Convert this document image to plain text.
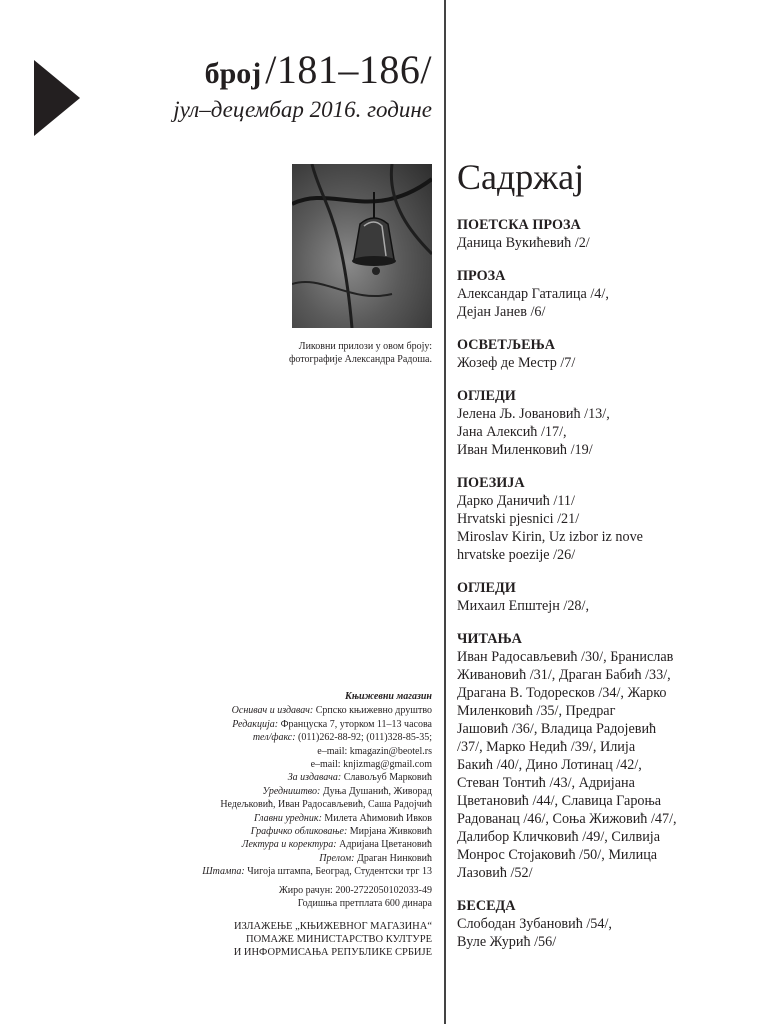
број /181–186/
јул–децембар 2016. године
Ликовни прилози у овом броју:
фотографије Александра Радоша.
Књижевни магазин
Оснивач и издавач: Српско књижевно друштво
Редакција: Француска 7, уторком 11–13 часова
тел/факс: (011)262-88-92; (011)328-85-35;
e–mail: kmagazin@beotel.rs
e–mail: knjizmag@gmail.com
За издавача: Славољуб Марковић
Уредништво: Дуња Душанић, Живорад
Недељковић, Иван Радосављевић, Саша Радојчић
Главни уредник: Милета Аћимовић Ивков
Графичко обликовање: Мирјана Живковић
Лектура и коректура: Адријана Цветановић
Прелом: Драган Нинковић
Штампа: Чигоја штампа, Београд, Студентски трг 13
Жиро рачун: 200-2722050102033-49
Годишња претплата 600 динара
ИЗЛАЖЕЊЕ „КЊИЖЕВНОГ МАГАЗИНА“
ПОМАЖЕ МИНИСТАРСТВО КУЛТУРЕ
И ИНФОРМИСАЊА РЕПУБЛИКЕ СРБИЈЕ
Садржај
ПОЕТСКА ПРОЗА
Даница Вукићевић /2/
ПРОЗА
Александар Гаталица /4/,
Дејан Јанев /6/
ОСВЕТЉЕЊА
Жозеф де Местр /7/
ОГЛЕДИ
Јелена Љ. Јовановић /13/,
Јана Алексић /17/,
Иван Миленковић /19/
ПОЕЗИЈА
Дарко Даничић /11/
Hrvatski pjesnici /21/
Miroslav Kirin, Uz izbor iz nove
hrvatske poezije /26/
ОГЛЕДИ
Михаил Епштејн /28/,
ЧИТАЊА
Иван Радосављевић /30/, Бранислав
Живановић /31/, Драган Бабић /33/,
Драгана В. Тодоресков /34/, Жарко
Миленковић /35/, Предраг
Јашовић /36/, Владица Радојевић
/37/, Марко Недић /39/, Илија
Бакић /40/, Дино Лотинац /42/,
Стеван Тонтић /43/, Адријана
Цветановић /44/, Славица Гароња
Радованац /46/, Соња Жижовић /47/,
Далибор Кличковић /49/, Силвија
Монрос Стојаковић /50/, Милица
Лазовић /52/
БЕСЕДА
Слободан Зубановић /54/,
Вуле Журић /56/
